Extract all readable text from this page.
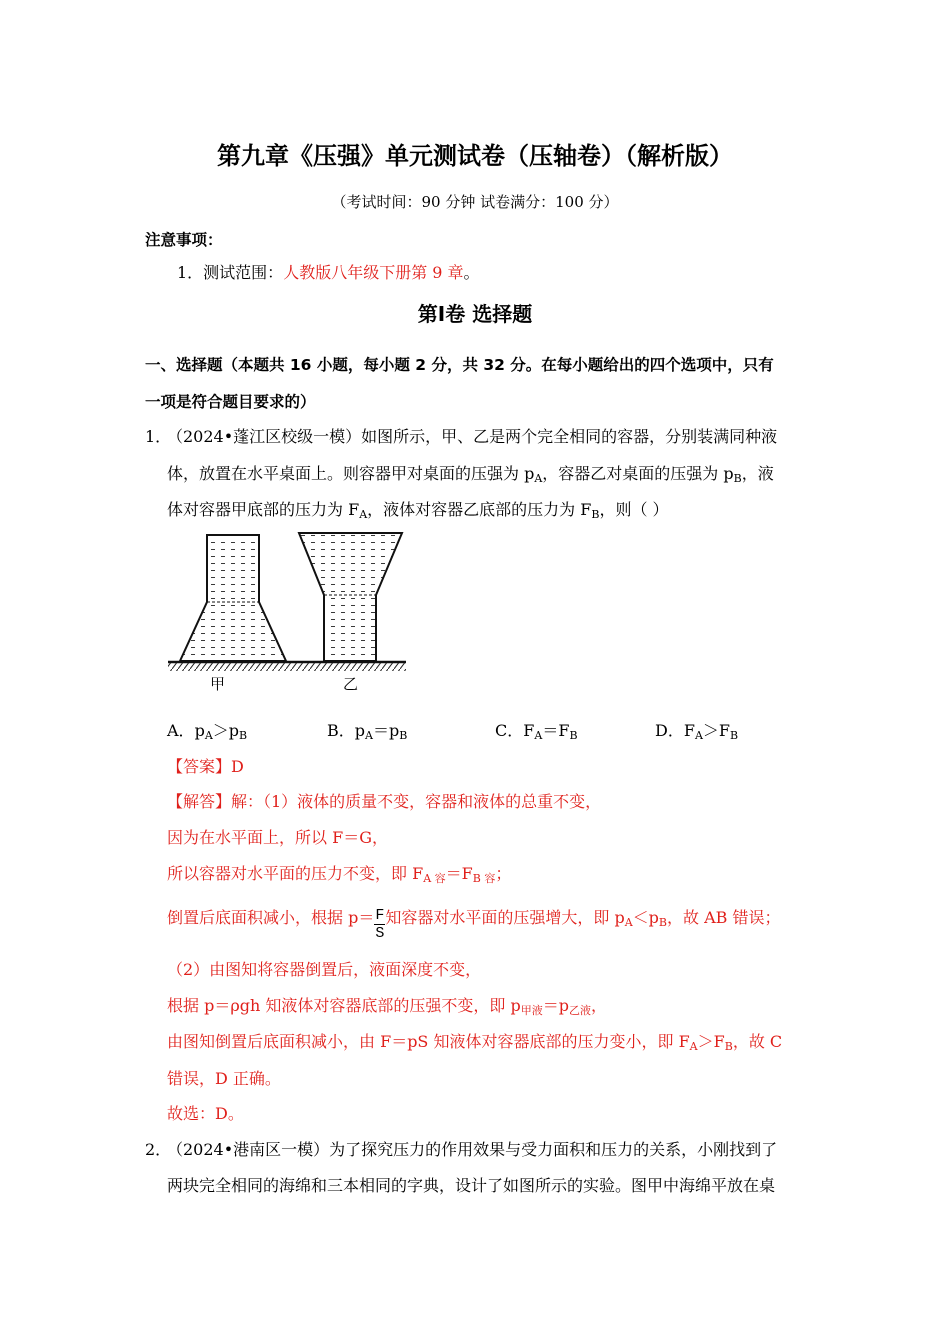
第九章《压强》单元测试卷（压轴卷）（解析版）
（考试时间：90 分钟 试卷满分：100 分）
注意事项：
1．测试范围：人教版八年级下册第 9 章。
第Ⅰ卷 选择题
一、选择题（本题共 16 小题，每小题 2 分，共 32 分。在每小题给出的四个选项中，只有
一项是符合题目要求的）
1．
（2024•蓬江区校级一模）如图所示，甲、乙是两个完全相同的容器，分别装满同种液
体，放置在水平桌面上。则容器甲对桌面的压强为 $p_A$，容器乙对桌面的压强为 $p_B$，液
体对容器甲底部的压力为 $F_A$，液体对容器乙底部的压力为 $F_B$，则（ ）
甲	乙
A．$p_A>p_B$	B．$p_A=p_B$	C．$F_A=F_B$	D．$F_A>F_B$
【答案】D
【解答】解：（1）液体的质量不变，容器和液体的总重不变，
因为在水平面上，所以 F＝G，
所以容器对水平面的压力不变，即 $F_{A 容}=F_{B 容}$；
倒置后底面积减小，根据 $p= \frac{F}{S}$ 知容器对水平面的压强增大，即 $p_A<p_B$，故 AB 错误；
（2）由图知将容器倒置后，液面深度不变，
根据 p＝ρgh 知液体对容器底部的压强不变，即 $p_{甲液}=p_{乙液}$，
由图知倒置后底面积减小，由 F＝pS 知液体对容器底部的压力变小，即 $F_A>F_B$，故 C
错误，D 正确。
故选：D。
2．
（2024•港南区一模）为了探究压力的作用效果与受力面积和压力的关系，小刚找到了
两块完全相同的海绵和三本相同的字典，设计了如图所示的实验。图甲中海绵平放在桌
